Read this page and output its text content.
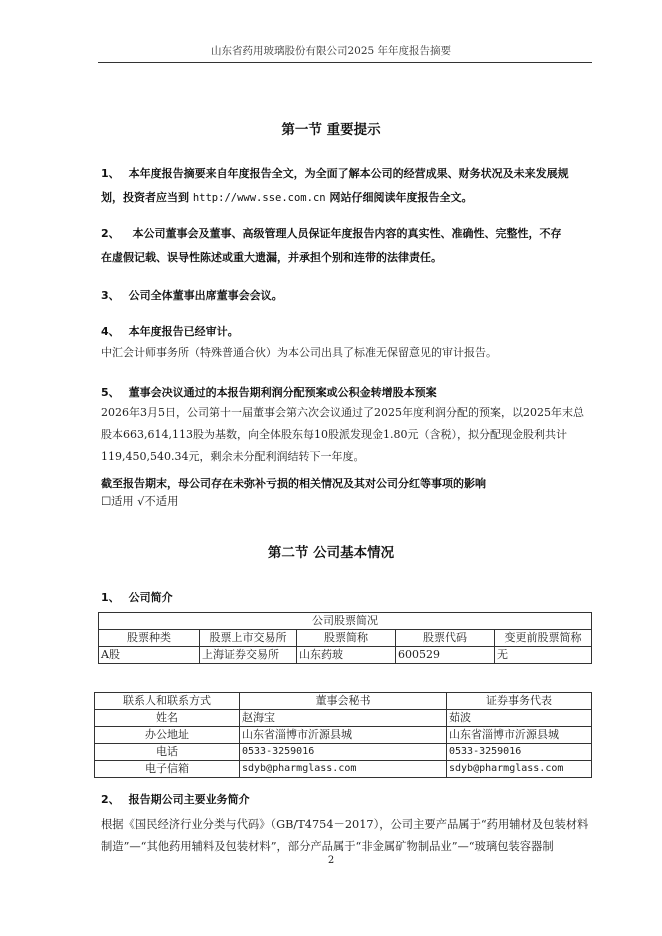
山东省药用玻璃股份有限公司2025 年年度报告摘要
第一节 重要提示
1、 本年度报告摘要来自年度报告全文，为全面了解本公司的经营成果、财务状况及未来发展规
划，投资者应当到 http://www.sse.com.cn 网站仔细阅读年度报告全文。
2、 本公司董事会及董事、高级管理人员保证年度报告内容的真实性、准确性、完整性，不存
在虚假记载、误导性陈述或重大遗漏，并承担个别和连带的法律责任。
3、 公司全体董事出席董事会会议。
4、 本年度报告已经审计。
中汇会计师事务所（特殊普通合伙）为本公司出具了标准无保留意见的审计报告。
5、 董事会决议通过的本报告期利润分配预案或公积金转增股本预案
2026年3月5日，公司第十一届董事会第六次会议通过了2025年度利润分配的预案，以2025年末总
股本663,614,113股为基数，向全体股东每10股派发现金1.80元（含税），拟分配现金股利共计
119,450,540.34元，剩余未分配利润结转下一年度。
截至报告期末，母公司存在未弥补亏损的相关情况及其对公司分红等事项的影响
☐适用 √不适用
第二节 公司基本情况
1、 公司简介
公司股票简况				
股票种类	股票上市交易所	股票简称	股票代码	变更前股票简称
A股	上海证券交易所	山东药玻	600529	无
联系人和联系方式	董事会秘书	证券事务代表
姓名	赵海宝	茹波
办公地址	山东省淄博市沂源县城	山东省淄博市沂源县城
电话	0533-3259016	0533-3259016
电子信箱	sdyb@pharmglass.com	sdyb@pharmglass.com
2、 报告期公司主要业务简介
根据《国民经济行业分类与代码》（GB/T4754－2017），公司主要产品属于“药用辅材及包装材料
制造”—“其他药用辅料及包装材料”，部分产品属于“非金属矿物制品业”—“玻璃包装容器制
2
